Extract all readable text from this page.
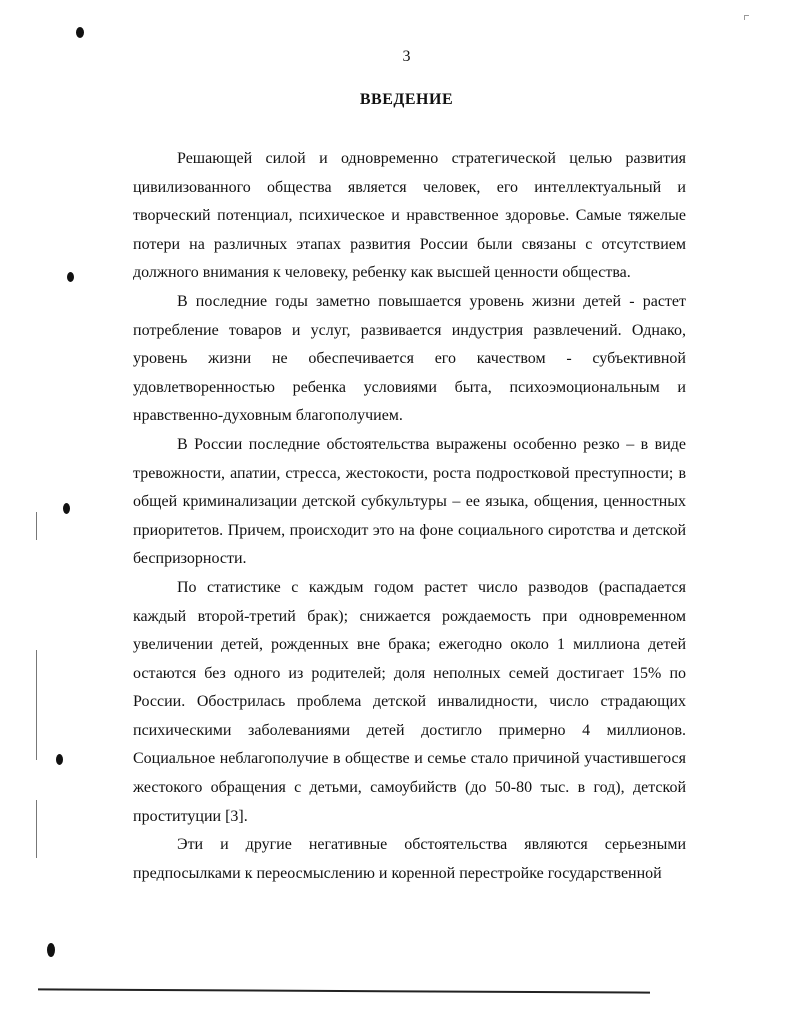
3
ВВЕДЕНИЕ

Решающей силой и одновременно стратегической целью развития цивилизованного общества является человек, его интеллектуальный и творческий потенциал, психическое и нравственное здоровье. Самые тяжелые потери на различных этапах развития России были связаны с отсутствием должного внимания к человеку, ребенку как высшей ценности общества.

В последние годы заметно повышается уровень жизни детей - растет потребление товаров и услуг, развивается индустрия развлечений. Однако, уровень жизни не обеспечивается его качеством - субъективной удовлетворенностью ребенка условиями быта, психоэмоциональным и нравственно-духовным благополучием.

В России последние обстоятельства выражены особенно резко – в виде тревожности, апатии, стресса, жестокости, роста подростковой преступности; в общей криминализации детской субкультуры – ее языка, общения, ценностных приоритетов. Причем, происходит это на фоне социального сиротства и детской беспризорности.

По статистике с каждым годом растет число разводов (распадается каждый второй-третий брак); снижается рождаемость при одновременном увеличении детей, рожденных вне брака; ежегодно около 1 миллиона детей остаются без одного из родителей; доля неполных семей достигает 15% по России. Обострилась проблема детской инвалидности, число страдающих психическими заболеваниями детей достигло примерно 4 миллионов. Социальное неблагополучие в обществе и семье стало причиной участившегося жестокого обращения с детьми, самоубийств (до 50-80 тыс. в год), детской проституции [3].

Эти и другие негативные обстоятельства являются серьезными предпосылками к переосмыслению и коренной перестройке государственной
